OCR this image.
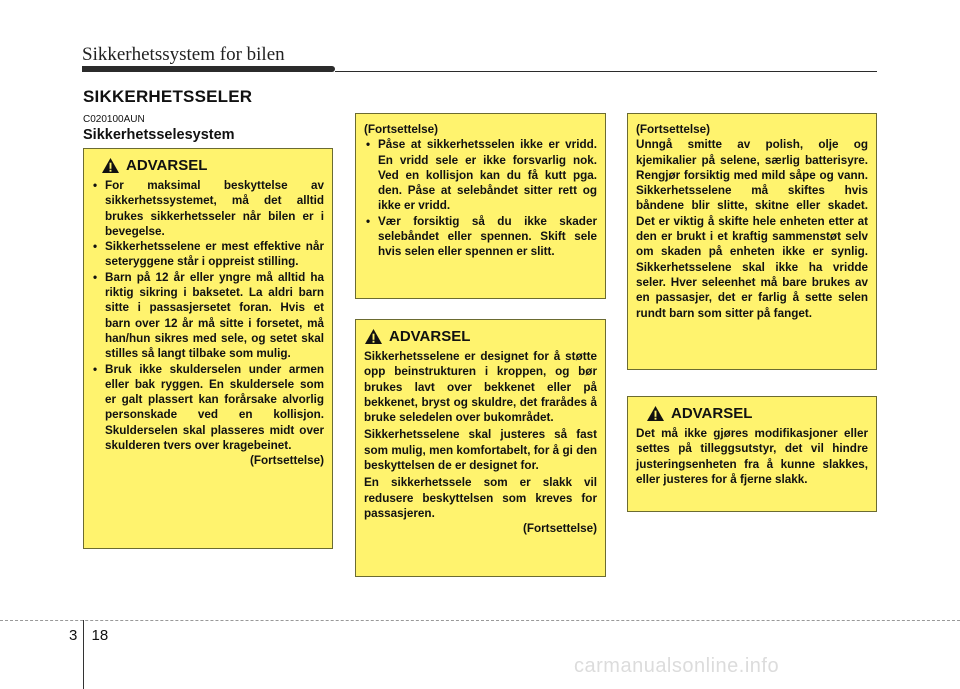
Sikkerhetssystem for bilen
SIKKERHETSSELER
C020100AUN
Sikkerhetsselesystem
ADVARSEL
• For maksimal beskyttelse av sikkerhetssystemet, må det alltid brukes sikkerhetsseler når bilen er i bevegelse.
• Sikkerhetsselene er mest effektive når seteryggene står i oppreist stilling.
• Barn på 12 år eller yngre må alltid ha riktig sikring i baksetet. La aldri barn sitte i passasjersetet foran. Hvis et barn over 12 år må sitte i forsetet, må han/hun sikres med sele, og setet skal stilles så langt tilbake som mulig.
• Bruk ikke skulderselen under armen eller bak ryggen. En skuldersele som er galt plassert kan forårsake alvorlig personskade ved en kollisjon. Skulderselen skal plasseres midt over skulderen tvers over kragebeinet.
(Fortsettelse)
(Fortsettelse)
• Påse at sikkerhetsselen ikke er vridd. En vridd sele er ikke forsvarlig nok. Ved en kollisjon kan du få kutt pga. den. Påse at selebåndet sitter rett og ikke er vridd.
• Vær forsiktig så du ikke skader selebåndet eller spennen. Skift sele hvis selen eller spennen er slitt.
ADVARSEL

Sikkerhetsselene er designet for å støtte opp beinstrukturen i kroppen, og bør brukes lavt over bekkenet eller på bekkenet, bryst og skuldre, det frarådes å bruke seledelen over bukområdet.

Sikkerhetsselene skal justeres så fast som mulig, men komfortabelt, for å gi den beskyttelsen de er designet for.

En sikkerhetssele som er slakk vil redusere beskyttelsen som kreves for passasjeren.

(Fortsettelse)
(Fortsettelse)

Unngå smitte av polish, olje og kjemikalier på selene, særlig batterisyre. Rengjør forsiktig med mild såpe og vann. Sikkerhetsselene må skiftes hvis båndene blir slitte, skitne eller skadet. Det er viktig å skifte hele enheten etter at den er brukt i et kraftig sammenstøt selv om skaden på enheten ikke er synlig. Sikkerhetsselene skal ikke ha vridde seler. Hver seleenhet må bare brukes av en passasjer, det er farlig å sette selen rundt barn som sitter på fanget.

ADVARSEL

Det må ikke gjøres modifikasjoner eller settes på tilleggsutstyr, det vil hindre justeringsenheten fra å kunne slakkes, eller justeres for å fjerne slakk.

3 18
carmanualsonline.info
